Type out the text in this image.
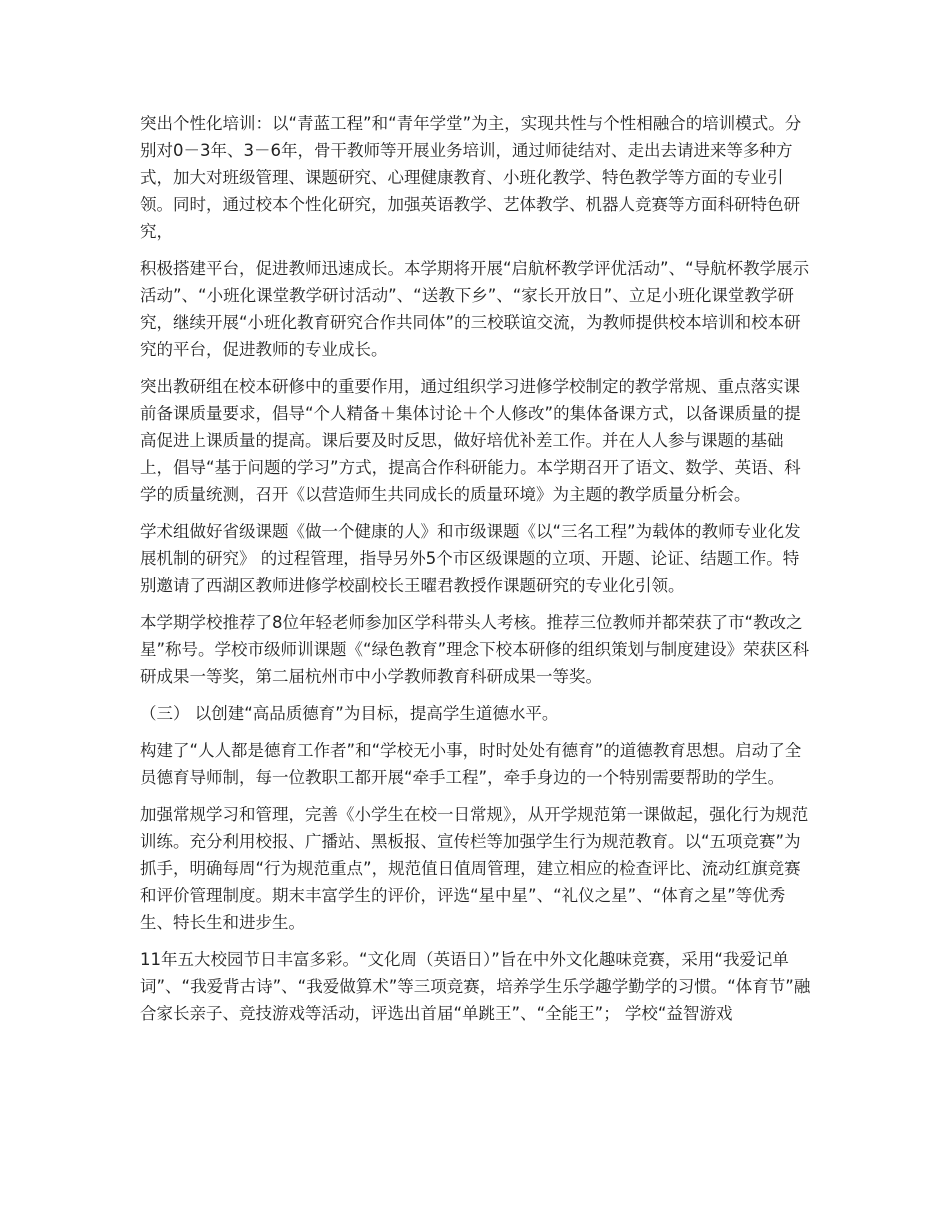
突出个性化培训：以“青蓝工程”和“青年学堂”为主，实现共性与个性相融合的培训模式。分别对0－3年、3－6年，骨干教师等开展业务培训，通过师徒结对、走出去请进来等多种方式，加大对班级管理、课题研究、心理健康教育、小班化教学、特色教学等方面的专业引领。同时，通过校本个性化研究，加强英语教学、艺体教学、机器人竞赛等方面科研特色研究，

积极搭建平台，促进教师迅速成长。本学期将开展“启航杯教学评优活动”、“导航杯教学展示活动”、“小班化课堂教学研讨活动”、“送教下乡”、“家长开放日”、立足小班化课堂教学研究，继续开展“小班化教育研究合作共同体”的三校联谊交流，为教师提供校本培训和校本研究的平台，促进教师的专业成长。

突出教研组在校本研修中的重要作用，通过组织学习进修学校制定的教学常规、重点落实课前备课质量要求，倡导“个人精备＋集体讨论＋个人修改”的集体备课方式，以备课质量的提高促进上课质量的提高。课后要及时反思，做好培优补差工作。并在人人参与课题的基础上，倡导“基于问题的学习”方式，提高合作科研能力。本学期召开了语文、数学、英语、科学的质量统测，召开《以营造师生共同成长的质量环境》为主题的教学质量分析会。

学术组做好省级课题《做一个健康的人》和市级课题《以“三名工程”为载体的教师专业化发展机制的研究》 的过程管理，指导另外5个市区级课题的立项、开题、论证、结题工作。特别邀请了西湖区教师进修学校副校长王曜君教授作课题研究的专业化引领。

本学期学校推荐了8位年轻老师参加区学科带头人考核。推荐三位教师并都荣获了市“教改之星”称号。学校市级师训课题《“绿色教育”理念下校本研修的组织策划与制度建设》荣获区科研成果一等奖，第二届杭州市中小学教师教育科研成果一等奖。

（三） 以创建“高品质德育”为目标，提高学生道德水平。

构建了“人人都是德育工作者”和“学校无小事，时时处处有德育”的道德教育思想。启动了全员德育导师制，每一位教职工都开展“牵手工程”，牵手身边的一个特别需要帮助的学生。

加强常规学习和管理，完善《小学生在校一日常规》，从开学规范第一课做起，强化行为规范训练。充分利用校报、广播站、黑板报、宣传栏等加强学生行为规范教育。以“五项竞赛”为抓手，明确每周“行为规范重点”，规范值日值周管理，建立相应的检查评比、流动红旗竞赛和评价管理制度。期末丰富学生的评价，评选“星中星”、“礼仪之星”、“体育之星”等优秀生、特长生和进步生。

11年五大校园节日丰富多彩。“文化周（英语日）”旨在中外文化趣味竞赛，采用“我爱记单词”、“我爱背古诗”、“我爱做算术”等三项竞赛，培养学生乐学趣学勤学的习惯。“体育节”融合家长亲子、竞技游戏等活动，评选出首届“单跳王”、“全能王”； 学校“益智游戏
